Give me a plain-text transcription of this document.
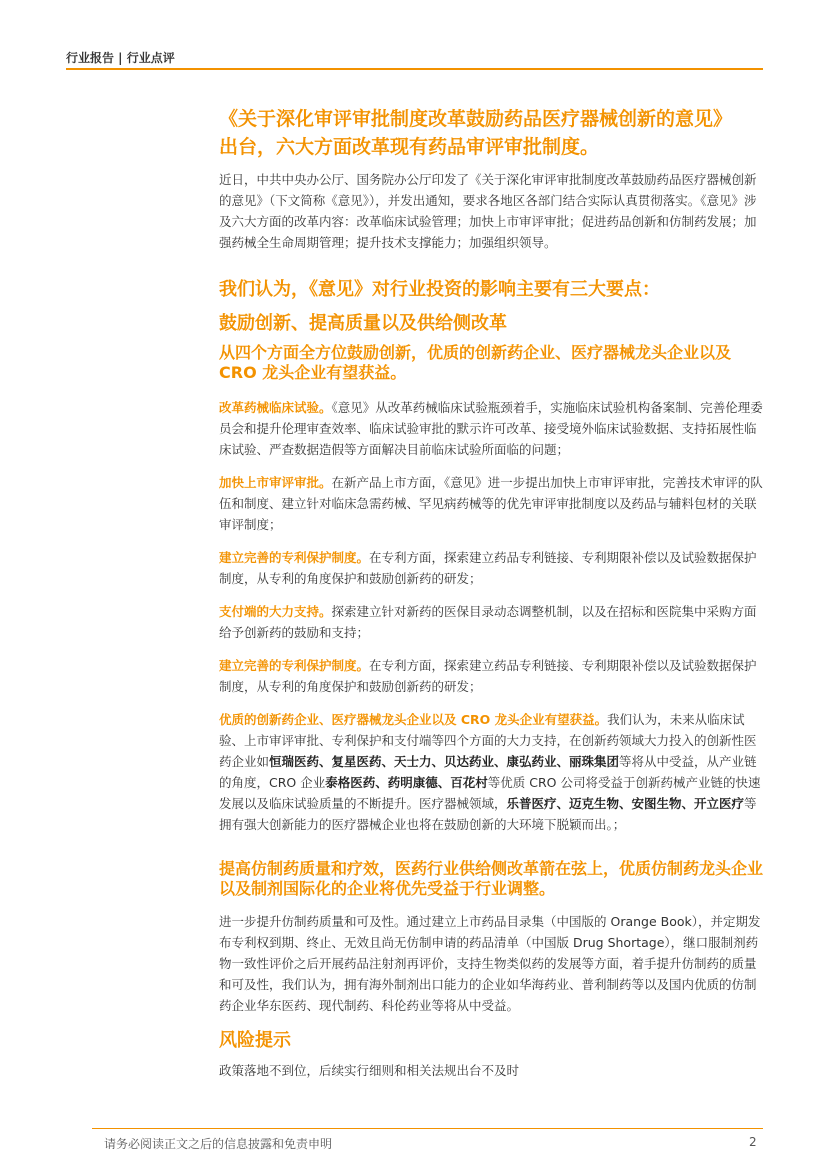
行业报告 | 行业点评
《关于深化审评审批制度改革鼓励药品医疗器械创新的意见》
出台，六大方面改革现有药品审评审批制度。

近日，中共中央办公厅、国务院办公厅印发了《关于深化审评审批制度改革鼓励药品医疗器械创新的意见》（下文简称《意见》），并发出通知，要求各地区各部门结合实际认真贯彻落实。《意见》涉及六大方面的改革内容：改革临床试验管理；加快上市审评审批；促进药品创新和仿制药发展；加强药械全生命周期管理；提升技术支撑能力；加强组织领导。

我们认为，《意见》对行业投资的影响主要有三大要点：
鼓励创新、提高质量以及供给侧改革
从四个方面全方位鼓励创新，优质的创新药企业、医疗器械龙头企业以及 CRO 龙头企业有望获益。

改革药械临床试验。《意见》从改革药械临床试验瓶颈着手，实施临床试验机构备案制、完善伦理委员会和提升伦理审查效率、临床试验审批的默示许可改革、接受境外临床试验数据、支持拓展性临床试验、严查数据造假等方面解决目前临床试验所面临的问题；

加快上市审评审批。在新产品上市方面，《意见》进一步提出加快上市审评审批，完善技术审评的队伍和制度、建立针对临床急需药械、罕见病药械等的优先审评审批制度以及药品与辅料包材的关联审评制度；

建立完善的专利保护制度。在专利方面，探索建立药品专利链接、专利期限补偿以及试验数据保护制度，从专利的角度保护和鼓励创新药的研发；

支付端的大力支持。探索建立针对新药的医保目录动态调整机制，以及在招标和医院集中采购方面给予创新药的鼓励和支持；

建立完善的专利保护制度。在专利方面，探索建立药品专利链接、专利期限补偿以及试验数据保护制度，从专利的角度保护和鼓励创新药的研发；

优质的创新药企业、医疗器械龙头企业以及 CRO 龙头企业有望获益。我们认为，未来从临床试验、上市审评审批、专利保护和支付端等四个方面的大力支持，在创新药领域大力投入的创新性医药企业如恒瑞医药、复星医药、天士力、贝达药业、康弘药业、丽珠集团等将从中受益，从产业链的角度，CRO 企业泰格医药、药明康德、百花村等优质 CRO 公司将受益于创新药械产业链的快速发展以及临床试验质量的不断提升。医疗器械领域，乐普医疗、迈克生物、安图生物、开立医疗等拥有强大创新能力的医疗器械企业也将在鼓励创新的大环境下脱颖而出。；

提高仿制药质量和疗效，医药行业供给侧改革箭在弦上，优质仿制药龙头企业以及制剂国际化的企业将优先受益于行业调整。

进一步提升仿制药质量和可及性。通过建立上市药品目录集（中国版的 Orange Book），并定期发布专利权到期、终止、无效且尚无仿制申请的药品清单（中国版 Drug Shortage），继口服制剂药物一致性评价之后开展药品注射剂再评价，支持生物类似药的发展等方面，着手提升仿制药的质量和可及性，我们认为，拥有海外制剂出口能力的企业如华海药业、普利制药等以及国内优质的仿制药企业华东医药、现代制药、科伦药业等将从中受益。

风险提示

政策落地不到位，后续实行细则和相关法规出台不及时

请务必阅读正文之后的信息披露和免责申明	2
